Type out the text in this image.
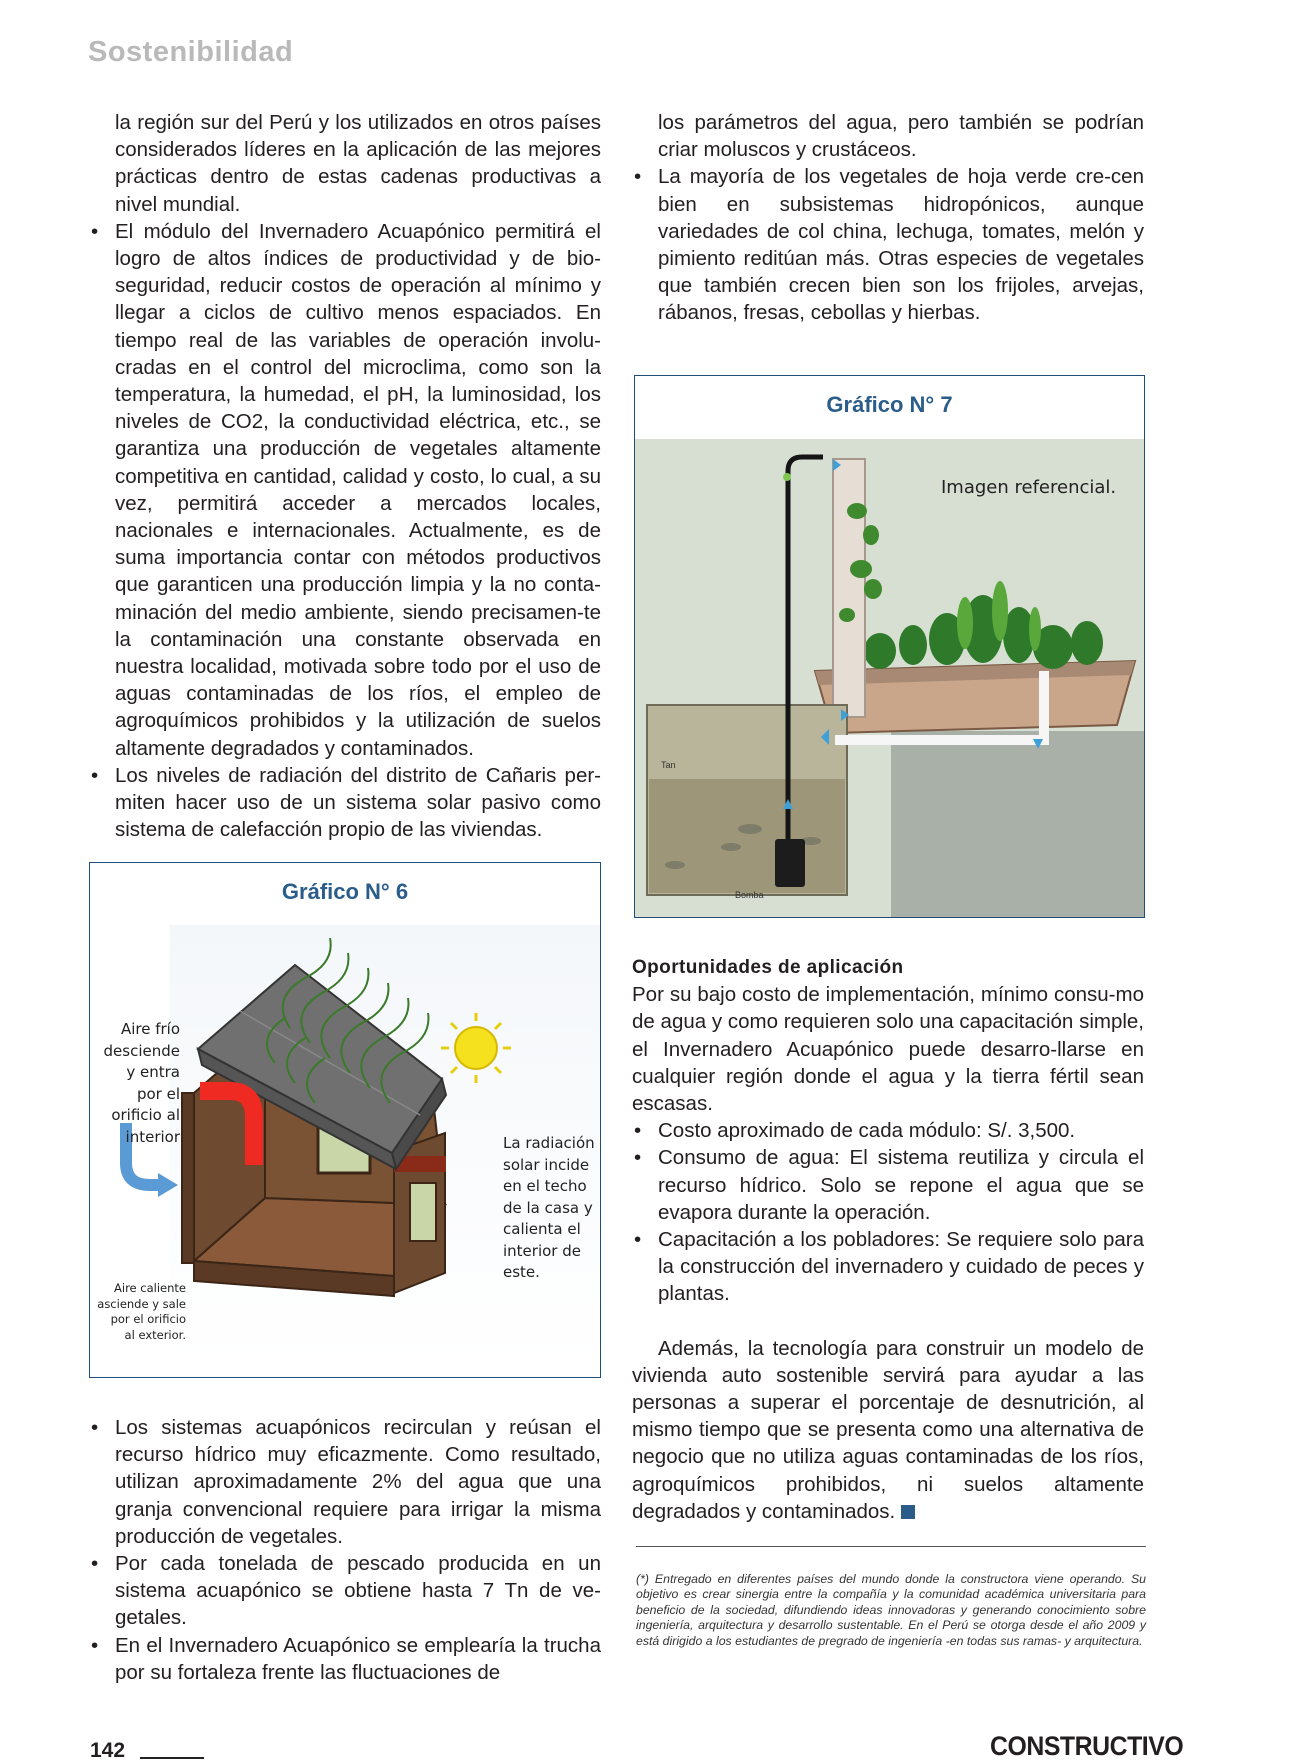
Sostenibilidad

la región sur del Perú y los utilizados en otros países considerados líderes en la aplicación de las mejores prácticas dentro de estas cadenas productivas a nivel mundial.

• El módulo del Invernadero Acuapónico permitirá el logro de altos índices de productividad y de bio-seguridad, reducir costos de operación al mínimo y llegar a ciclos de cultivo menos espaciados. En tiempo real de las variables de operación involu-cradas en el control del microclima, como son la temperatura, la humedad, el pH, la luminosidad, los niveles de CO2, la conductividad eléctrica, etc., se garantiza una producción de vegetales altamente competitiva en cantidad, calidad y costo, lo cual, a su vez, permitirá acceder a mercados locales, nacionales e internacionales. Actualmente, es de suma importancia contar con métodos productivos que garanticen una producción limpia y la no conta-minación del medio ambiente, siendo precisamen-te la contaminación una constante observada en nuestra localidad, motivada sobre todo por el uso de aguas contaminadas de los ríos, el empleo de agroquímicos prohibidos y la utilización de suelos altamente degradados y contaminados.
• Los niveles de radiación del distrito de Cañaris per-miten hacer uso de un sistema solar pasivo como sistema de calefacción propio de las viviendas.
Gráfico N° 6
Aire frío
desciende
y entra
por el
orificio al
interior	La radiación
solar incide
en el techo
de la casa y
calienta el
interior de
este.
Aire caliente
asciende y sale
por el orificio
al exterior.
• Los sistemas acuapónicos recirculan y reúsan el recurso hídrico muy eficazmente. Como resultado, utilizan aproximadamente 2% del agua que una granja convencional requiere para irrigar la misma producción de vegetales.
• Por cada tonelada de pescado producida en un sistema acuapónico se obtiene hasta 7 Tn de ve-getales.
• En el Invernadero Acuapónico se emplearía la trucha por su fortaleza frente las fluctuaciones de

los parámetros del agua, pero también se podrían criar moluscos y crustáceos.

• La mayoría de los vegetales de hoja verde cre-cen bien en subsistemas hidropónicos, aunque variedades de col china, lechuga, tomates, melón y pimiento reditúan más. Otras especies de vegetales que también crecen bien son los frijoles, arvejas, rábanos, fresas, cebollas y hierbas.
Gráfico N° 7
Imagen referencial.
Tan
Bomba

Oportunidades de aplicación

Por su bajo costo de implementación, mínimo consu-mo de agua y como requieren solo una capacitación simple, el Invernadero Acuapónico puede desarro-llarse en cualquier región donde el agua y la tierra fértil sean escasas.

• Costo aproximado de cada módulo: S/. 3,500.
• Consumo de agua: El sistema reutiliza y circula el recurso hídrico. Solo se repone el agua que se evapora durante la operación.
• Capacitación a los pobladores: Se requiere solo para la construcción del invernadero y cuidado de peces y plantas.

Además, la tecnología para construir un modelo de vivienda auto sostenible servirá para ayudar a las personas a superar el porcentaje de desnutrición, al mismo tiempo que se presenta como una alternativa de negocio que no utiliza aguas contaminadas de los ríos, agroquímicos prohibidos, ni suelos altamente degradados y contaminados.

(*) Entregado en diferentes países del mundo donde la constructora viene operando. Su objetivo es crear sinergia entre la compañía y la comunidad académica universitaria para beneficio de la sociedad, difundiendo ideas innovadoras y generando conocimiento sobre ingeniería, arquitectura y desarrollo sustentable. En el Perú se otorga desde el año 2009 y está dirigido a los estudiantes de pregrado de ingeniería -en todas sus ramas- y arquitectura.
142	CONSTRUCTIVO
